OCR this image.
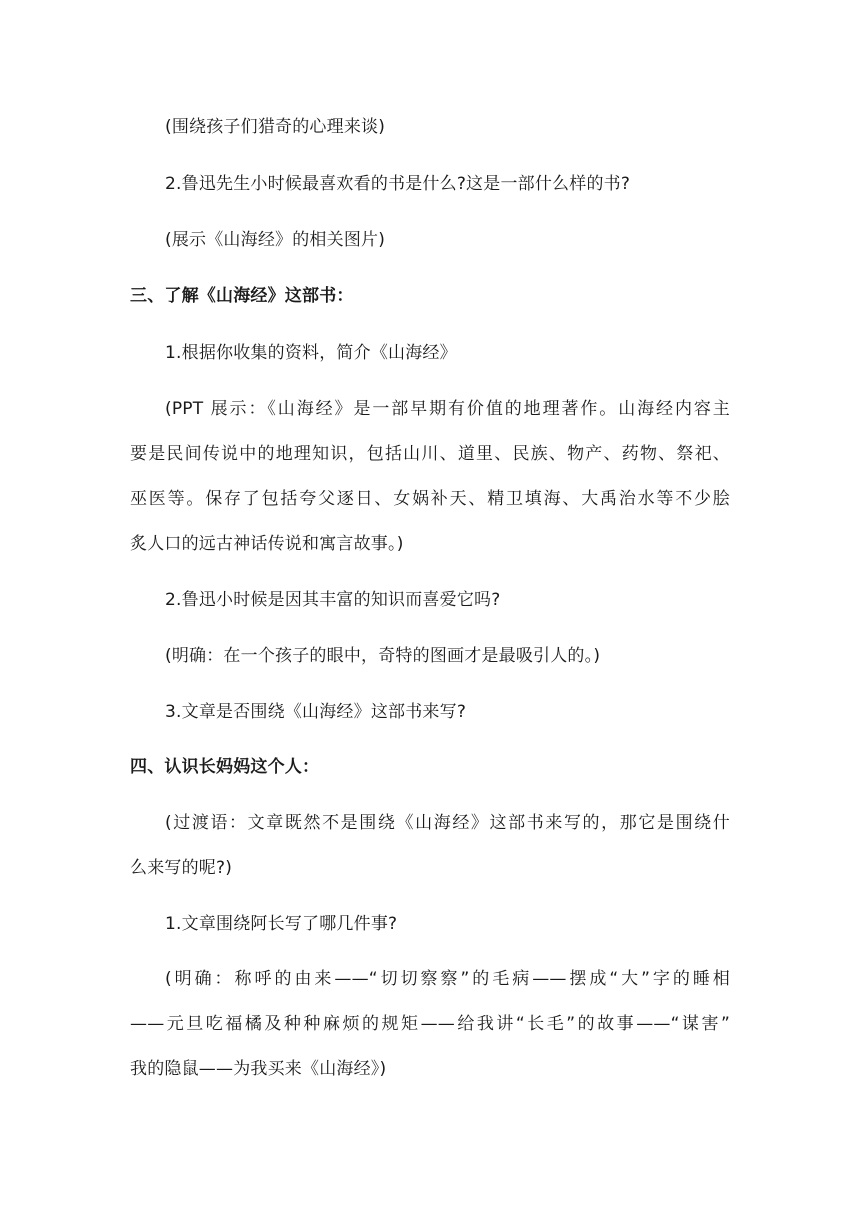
(围绕孩子们猎奇的心理来谈)
2.鲁迅先生小时候最喜欢看的书是什么?这是一部什么样的书?
(展示《山海经》的相关图片)
三、了解《山海经》这部书：
1.根据你收集的资料，简介《山海经》
(PPT 展示：《山海经》是一部早期有价值的地理著作。山海经内容主
要是民间传说中的地理知识，包括山川、道里、民族、物产、药物、祭祀、
巫医等。保存了包括夸父逐日、女娲补天、精卫填海、大禹治水等不少脍
炙人口的远古神话传说和寓言故事。)
2.鲁迅小时候是因其丰富的知识而喜爱它吗?
(明确：在一个孩子的眼中，奇特的图画才是最吸引人的。)
3.文章是否围绕《山海经》这部书来写?
四、认识长妈妈这个人：
(过渡语：文章既然不是围绕《山海经》这部书来写的，那它是围绕什
么来写的呢?)
1.文章围绕阿长写了哪几件事?
(明确：称呼的由来——“切切察察”的毛病——摆成“大”字的睡相
——元旦吃福橘及种种麻烦的规矩——给我讲“长毛”的故事——“谋害”
我的隐鼠——为我买来《山海经》)
